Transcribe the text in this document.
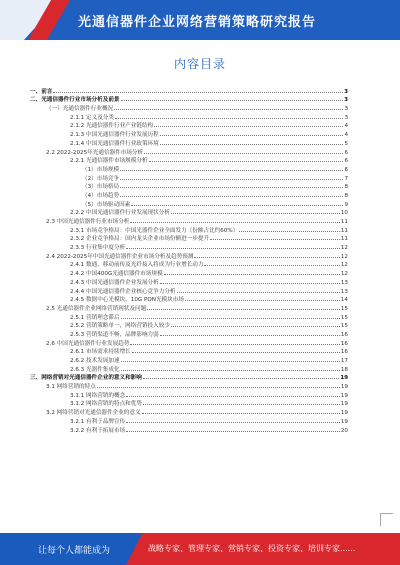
光通信器件企业网络营销策略研究报告
内容目录
一、前言	3
二、光通信器件行业市场分析及前景	3
（一）光通信器件行业概况	3
2.1.1 定义及分类	3
2.1.2 光通信器件行业产业链结构	4
2.1.3 中国光通信器件行业发展历程	4
2.1.4 中国光通信器件行业政策环境	5
2.2 2022-2025年光通信器件市场分析	6
2.2.1 光通信器件市场规模分析	6
（1）市场规模	6
（2）市场竞争	7
（3）市场格局	8
（4）市场趋势	8
（5）市场驱动因素	9
2.2.2 中国光通信器件行业发展现状分析	10
2.3 中国光通信器件行业市场分析	11
2.3.1 市场竞争格局：中国光器件企业全面发力（份额占比约60%）	11
2.3.2 企业竞争格局：国内龙头企业市场份额进一步提升	11
2.3.3 行业集中度分析	12
2.4 2022-2025年中国光通信器件企业市场分析及趋势预测	12
2.4.1 数通、移动前传及光纤接入将成为行业增长动力	12
2.4.2 中国400G光通信器件市场规模	12
2.4.3 中国光通信器件企业发展分析	13
2.4.4 中国光通信器件企业核心竞争力分析	13
2.4.5 数据中心光模块、10G PON光模块市场	14
2.5 光通信器件企业网络营销现状及问题	15
2.5.1 营销理念滞后	15
2.5.2 营销策略单一，网络营销投入较少	15
2.5.3 营销渠道不畅，品牌影响力弱	16
2.6 中国光通信器件行业发展趋势	16
2.6.1 市场需求持续增长	16
2.6.2 技术发展加速	17
2.6.3 光器件集成化	18
三、网络营销对光通信器件企业的意义和影响	19
3.1 网络营销的特点	19
3.1.1 网络营销的概念	19
3.1.2 网络营销的特点和优势	19
3.2 网络营销对光通信器件企业的意义	19
3.2.1 有利于品牌宣传	19
3.2.2 有利于拓展市场	20
让每个人都能成为	战略专家、管理专家、营销专家、投资专家、培训专家......
